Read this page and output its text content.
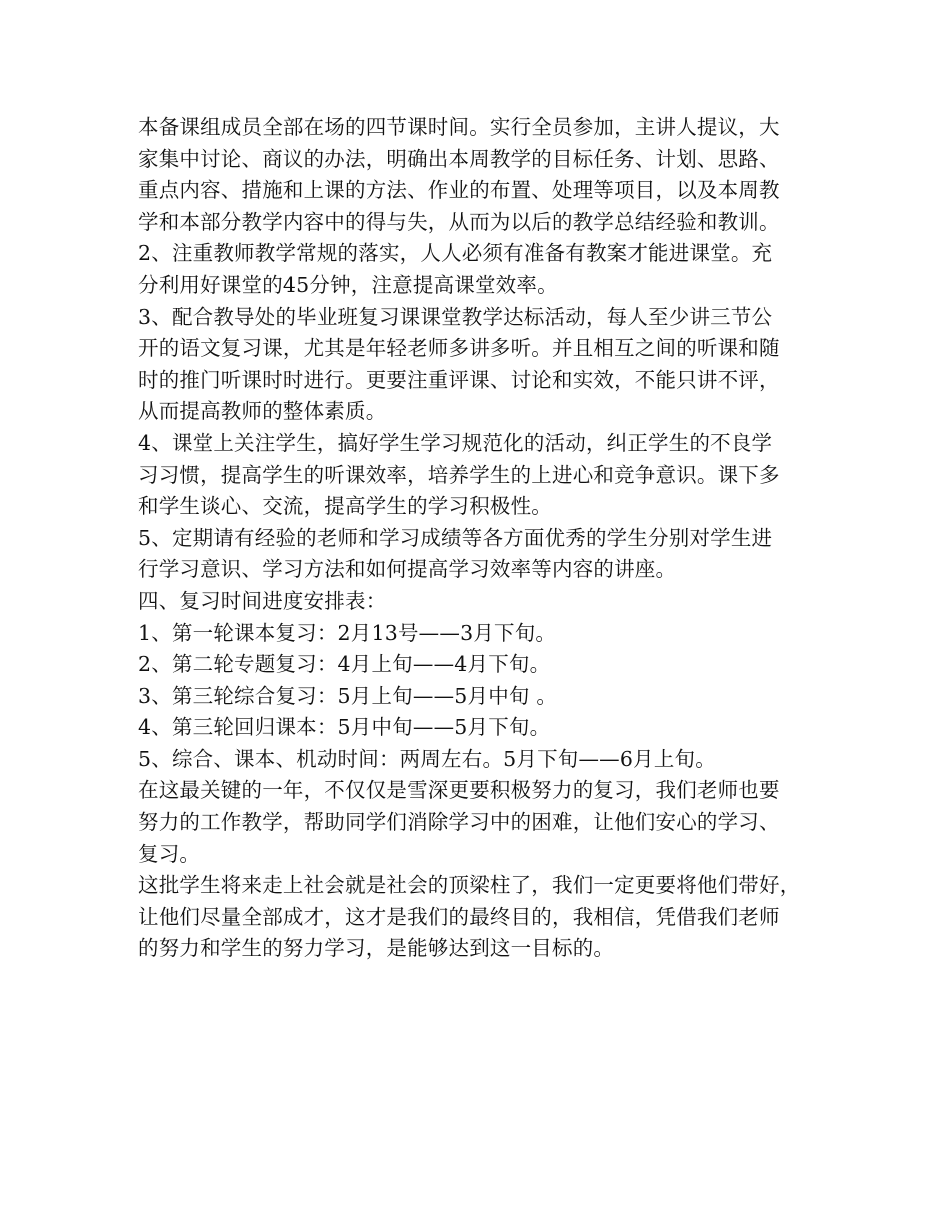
本备课组成员全部在场的四节课时间。实行全员参加，主讲人提议，大
家集中讨论、商议的办法，明确出本周教学的目标任务、计划、思路、
重点内容、措施和上课的方法、作业的布置、处理等项目，以及本周教
学和本部分教学内容中的得与失，从而为以后的教学总结经验和教训。
2、注重教师教学常规的落实，人人必须有准备有教案才能进课堂。充
分利用好课堂的45分钟，注意提高课堂效率。
3、配合教导处的毕业班复习课课堂教学达标活动，每人至少讲三节公
开的语文复习课，尤其是年轻老师多讲多听。并且相互之间的听课和随
时的推门听课时时进行。更要注重评课、讨论和实效，不能只讲不评，
从而提高教师的整体素质。
4、课堂上关注学生，搞好学生学习规范化的活动，纠正学生的不良学
习习惯，提高学生的听课效率，培养学生的上进心和竞争意识。课下多
和学生谈心、交流，提高学生的学习积极性。
5、定期请有经验的老师和学习成绩等各方面优秀的学生分别对学生进
行学习意识、学习方法和如何提高学习效率等内容的讲座。
四、复习时间进度安排表：
1、第一轮课本复习：2月13号——3月下旬。
2、第二轮专题复习：4月上旬——4月下旬。
3、第三轮综合复习：5月上旬——5月中旬 。
4、第三轮回归课本：5月中旬——5月下旬。
5、综合、课本、机动时间：两周左右。5月下旬——6月上旬。
在这最关键的一年，不仅仅是雪深更要积极努力的复习，我们老师也要
努力的工作教学，帮助同学们消除学习中的困难，让他们安心的学习、
复习。
这批学生将来走上社会就是社会的顶梁柱了，我们一定更要将他们带好，
让他们尽量全部成才，这才是我们的最终目的，我相信，凭借我们老师
的努力和学生的努力学习，是能够达到这一目标的。
